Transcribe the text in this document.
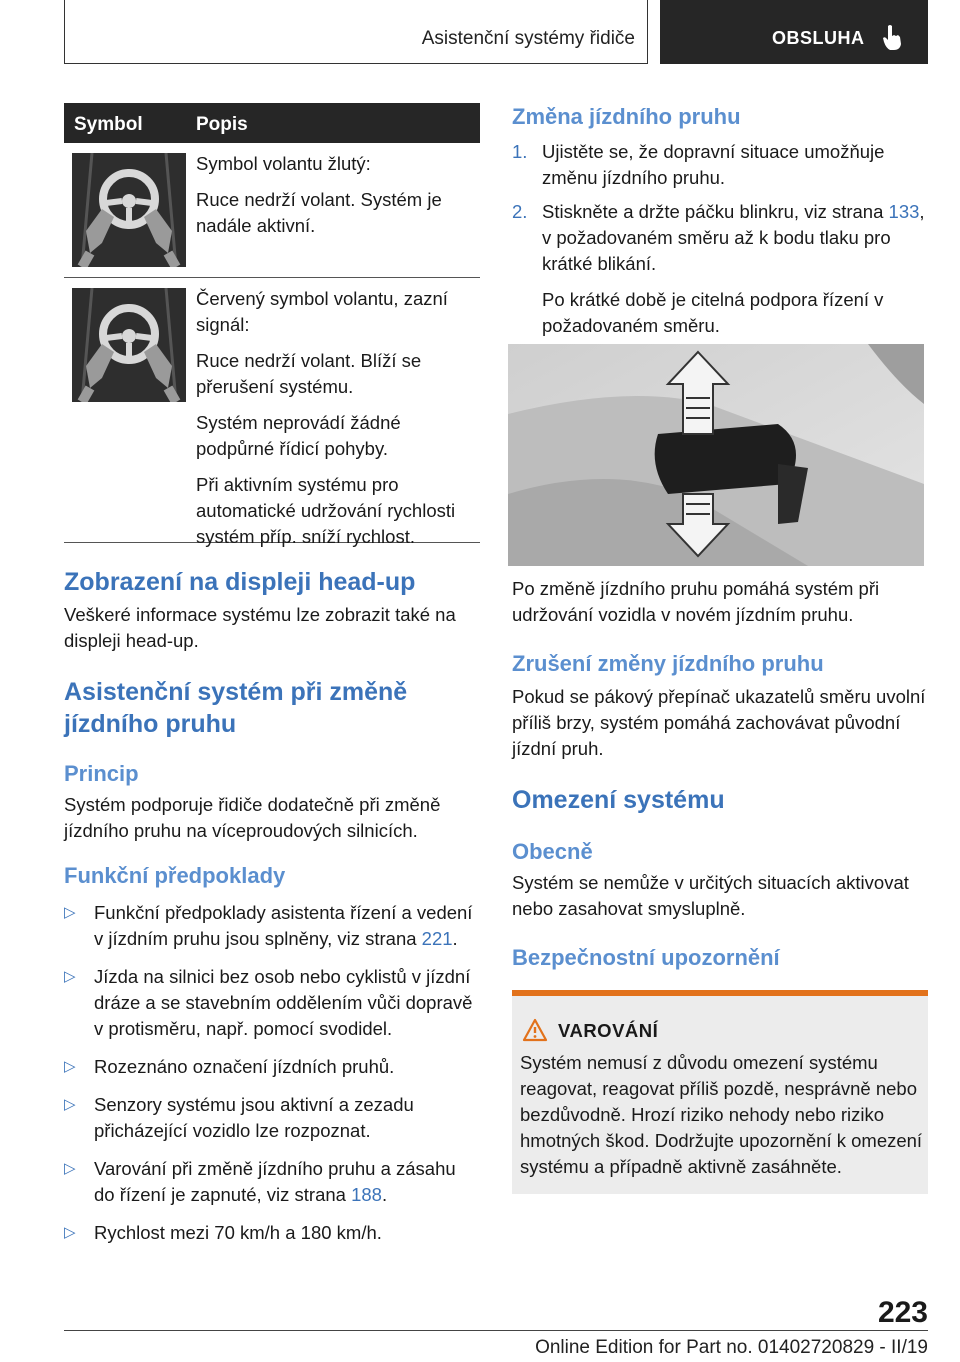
Asistenční systémy řidiče	OBSLUHA
Symbol	Popis

Symbol volantu žlutý:

Ruce nedrží volant. Systém je nadále aktivní.

Červený symbol volantu, zazní signál:

Ruce nedrží volant. Blíží se přerušení systému.

Systém neprovádí žádné podpůrné řídicí pohyby.

Při aktivním systému pro automatické udržování rychlosti systém příp. sníží rychlost.

Zobrazení na displeji head-up

Veškeré informace systému lze zobrazit také na displeji head-up.

Asistenční systém při změně jízdního pruhu
Princip

Systém podporuje řidiče dodatečně při změně jízdního pruhu na víceproudových silnicích.

Funkční předpoklady
▷ Funkční předpoklady asistenta řízení a vedení v jízdním pruhu jsou splněny, viz strana 221.
▷ Jízda na silnici bez osob nebo cyklistů v jízdní dráze a se stavebním oddělením vůči dopravě v protisměru, např. pomocí svodidel.
▷ Rozeznáno označení jízdních pruhů.
▷ Senzory systému jsou aktivní a zezadu přicházející vozidlo lze rozpoznat.
▷ Varování při změně jízdního pruhu a zásahu do řízení je zapnuté, viz strana 188.
▷ Rychlost mezi 70 km/h a 180 km/h.
Změna jízdního pruhu
1. Ujistěte se, že dopravní situace umožňuje změnu jízdního pruhu.
2. Stiskněte a držte páčku blinkru, viz strana 133, v požadovaném směru až k bodu tlaku pro krátké blikání.
Po krátké době je citelná podpora řízení v požadovaném směru.

Po změně jízdního pruhu pomáhá systém při udržování vozidla v novém jízdním pruhu.

Zrušení změny jízdního pruhu

Pokud se pákový přepínač ukazatelů směru uvolní příliš brzy, systém pomáhá zachovávat původní jízdní pruh.

Omezení systému
Obecně

Systém se nemůže v určitých situacích aktivovat nebo zasahovat smysluplně.

Bezpečnostní upozornění
VAROVÁNÍ
Systém nemusí z důvodu omezení systému reagovat, reagovat příliš pozdě, nesprávně nebo bezdůvodně. Hrozí riziko nehody nebo riziko hmotných škod. Dodržujte upozornění k omezení systému a případně aktivně zasáhněte.
223
Online Edition for Part no. 01402720829 - II/19
